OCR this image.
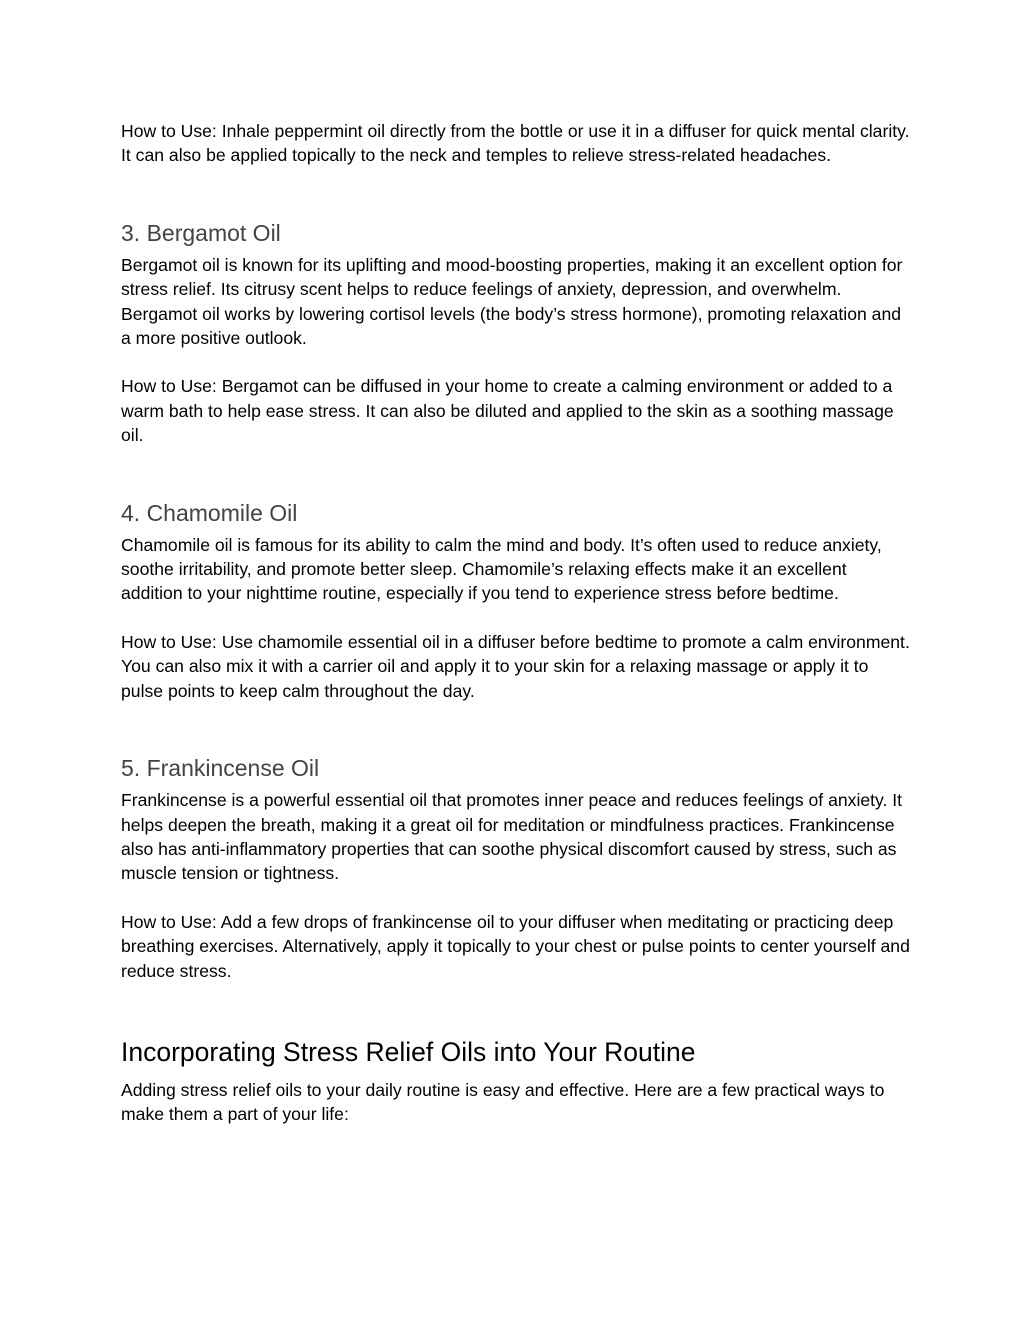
How to Use: Inhale peppermint oil directly from the bottle or use it in a diffuser for quick mental clarity. It can also be applied topically to the neck and temples to relieve stress-related headaches.

3. Bergamot Oil

Bergamot oil is known for its uplifting and mood-boosting properties, making it an excellent option for stress relief. Its citrusy scent helps to reduce feelings of anxiety, depression, and overwhelm. Bergamot oil works by lowering cortisol levels (the body’s stress hormone), promoting relaxation and a more positive outlook.

How to Use: Bergamot can be diffused in your home to create a calming environment or added to a warm bath to help ease stress. It can also be diluted and applied to the skin as a soothing massage oil.

4. Chamomile Oil

Chamomile oil is famous for its ability to calm the mind and body. It’s often used to reduce anxiety, soothe irritability, and promote better sleep. Chamomile’s relaxing effects make it an excellent addition to your nighttime routine, especially if you tend to experience stress before bedtime.

How to Use: Use chamomile essential oil in a diffuser before bedtime to promote a calm environment. You can also mix it with a carrier oil and apply it to your skin for a relaxing massage or apply it to pulse points to keep calm throughout the day.

5. Frankincense Oil

Frankincense is a powerful essential oil that promotes inner peace and reduces feelings of anxiety. It helps deepen the breath, making it a great oil for meditation or mindfulness practices. Frankincense also has anti-inflammatory properties that can soothe physical discomfort caused by stress, such as muscle tension or tightness.

How to Use: Add a few drops of frankincense oil to your diffuser when meditating or practicing deep breathing exercises. Alternatively, apply it topically to your chest or pulse points to center yourself and reduce stress.

Incorporating Stress Relief Oils into Your Routine

Adding stress relief oils to your daily routine is easy and effective. Here are a few practical ways to make them a part of your life:
